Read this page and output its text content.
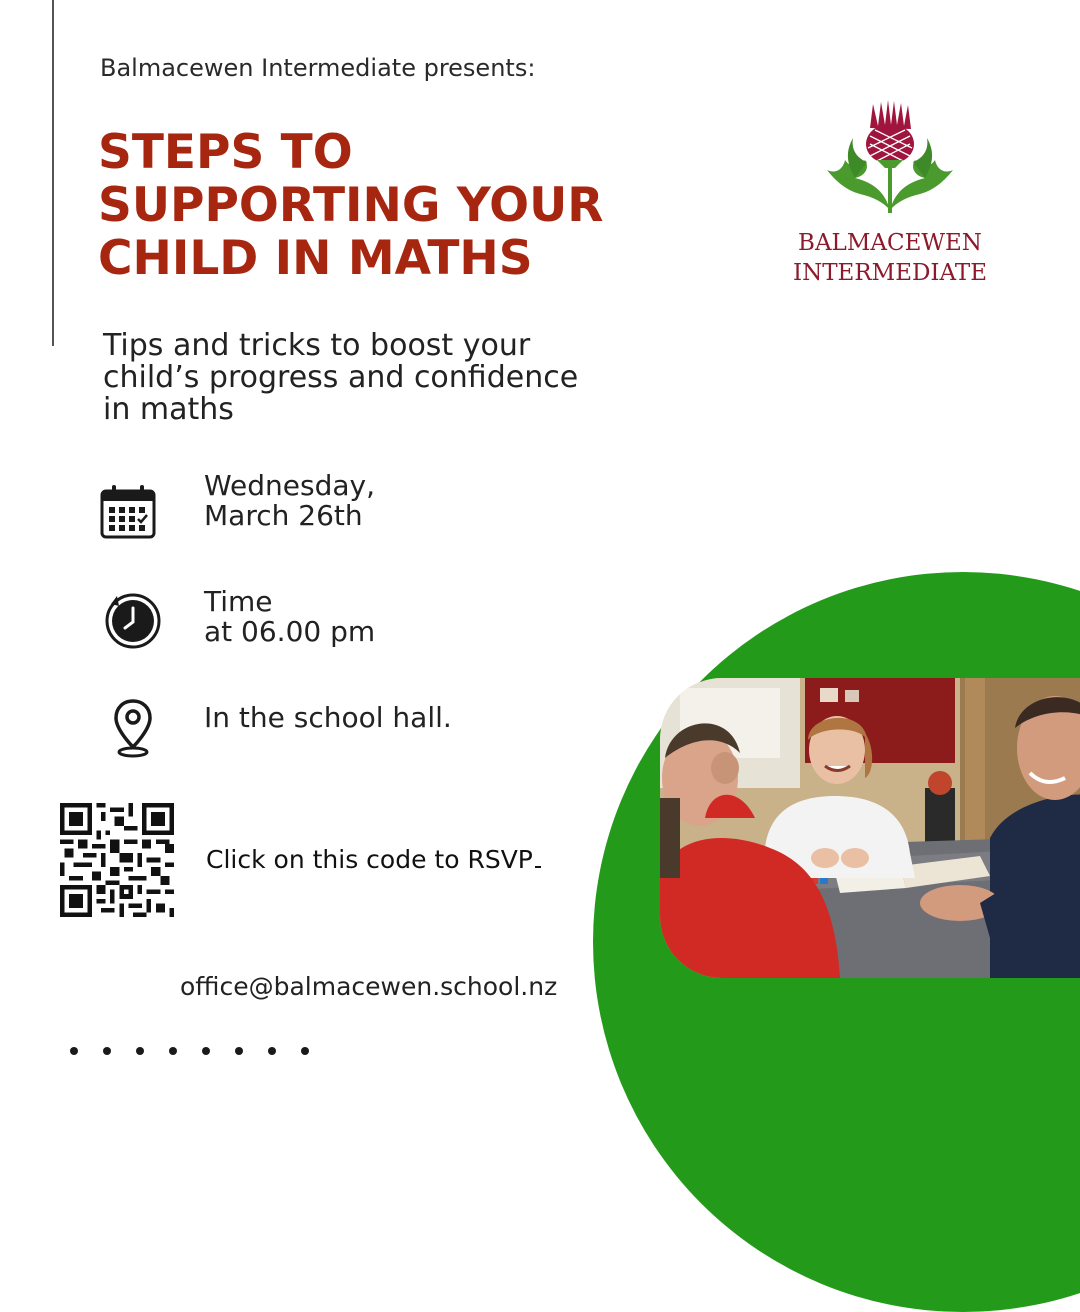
Balmacewen Intermediate presents:
STEPS TO
SUPPORTING YOUR
CHILD IN MATHS	BALMACEWEN
INTERMEDIATE
Tips and tricks to boost your child’s progress and confidence in maths
Wednesday,
March 26th
Time
at 06.00 pm
In the school hall.
Click on this code to RSVP
office@balmacewen.school.nz
